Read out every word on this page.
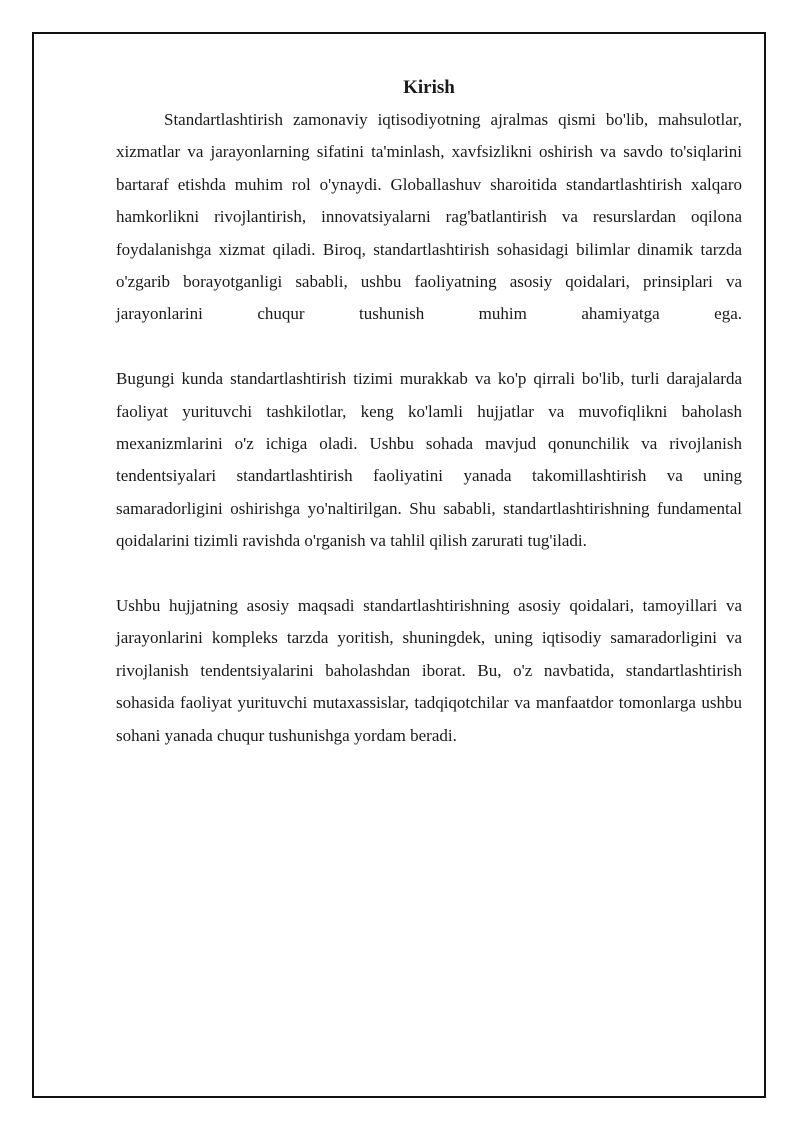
Kirish

Standartlashtirish zamonaviy iqtisodiyotning ajralmas qismi bo'lib, mahsulotlar, xizmatlar va jarayonlarning sifatini ta'minlash, xavfsizlikni oshirish va savdo to'siqlarini bartaraf etishda muhim rol o'ynaydi. Globallashuv sharoitida standartlashtirish xalqaro hamkorlikni rivojlantirish, innovatsiyalarni rag'batlantirish va resurslardan oqilona foydalanishga xizmat qiladi. Biroq, standartlashtirish sohasidagi bilimlar dinamik tarzda o'zgarib borayotganligi sababli, ushbu faoliyatning asosiy qoidalari, prinsiplari va jarayonlarini chuqur tushunish muhim ahamiyatga ega.

Bugungi kunda standartlashtirish tizimi murakkab va ko'p qirrali bo'lib, turli darajalarda faoliyat yurituvchi tashkilotlar, keng ko'lamli hujjatlar va muvofiqlikni baholash mexanizmlarini o'z ichiga oladi. Ushbu sohada mavjud qonunchilik va rivojlanish tendentsiyalari standartlashtirish faoliyatini yanada takomillashtirish va uning samaradorligini oshirishga yo'naltirilgan. Shu sababli, standartlashtirishning fundamental qoidalarini tizimli ravishda o'rganish va tahlil qilish zarurati tug'iladi.

Ushbu hujjatning asosiy maqsadi standartlashtirishning asosiy qoidalari, tamoyillari va jarayonlarini kompleks tarzda yoritish, shuningdek, uning iqtisodiy samaradorligini va rivojlanish tendentsiyalarini baholashdan iborat. Bu, o'z navbatida, standartlashtirish sohasida faoliyat yurituvchi mutaxassislar, tadqiqotchilar va manfaatdor tomonlarga ushbu sohani yanada chuqur tushunishga yordam beradi.
